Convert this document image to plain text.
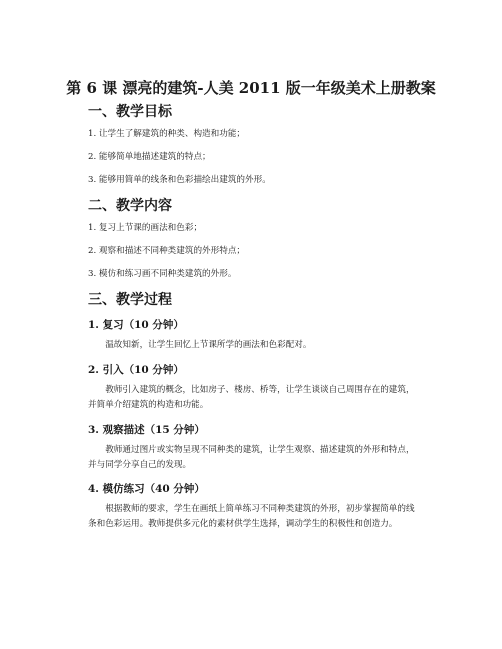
第 6 课 漂亮的建筑-人美 2011 版一年级美术上册教案
一、教学目标
1. 让学生了解建筑的种类、构造和功能；
2. 能够简单地描述建筑的特点；
3. 能够用简单的线条和色彩描绘出建筑的外形。
二、教学内容
1. 复习上节课的画法和色彩；
2. 观察和描述不同种类建筑的外形特点；
3. 模仿和练习画不同种类建筑的外形。
三、教学过程
1. 复习（10 分钟）
温故知新，让学生回忆上节课所学的画法和色彩配对。
2. 引入（10 分钟）
教师引入建筑的概念，比如房子、楼房、桥等，让学生谈谈自己周围存在的建筑，并简单介绍建筑的构造和功能。
3. 观察描述（15 分钟）
教师通过图片或实物呈现不同种类的建筑，让学生观察、描述建筑的外形和特点，并与同学分享自己的发现。
4. 模仿练习（40 分钟）
根据教师的要求，学生在画纸上简单练习不同种类建筑的外形，初步掌握简单的线条和色彩运用。教师提供多元化的素材供学生选择，调动学生的积极性和创造力。
